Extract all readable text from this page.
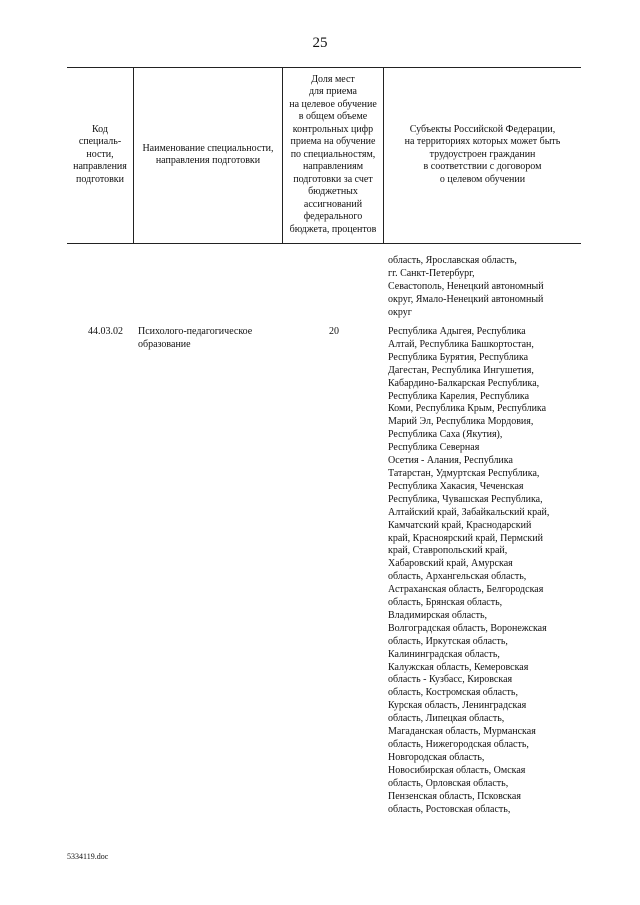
25
Код
специаль-
ности,
направления
подготовки
Наименование специальности,
направления подготовки
Доля мест
для приема
на целевое обучение
в общем объеме
контрольных цифр
приема на обучение
по специальностям,
направлениям
подготовки за счет
бюджетных
ассигнований
федерального
бюджета, процентов
Субъекты Российской Федерации,
на территориях которых может быть
трудоустроен гражданин
в соответствии с договором
о целевом обучении
область, Ярославская область,
гг. Санкт-Петербург,
Севастополь, Ненецкий автономный
округ, Ямало-Ненецкий автономный
округ
44.03.02 Психолого-педагогическое
образование
20	Республика Адыгея, Республика
Алтай, Республика Башкортостан,
Республика Бурятия, Республика
Дагестан, Республика Ингушетия,
Кабардино-Балкарская Республика,
Республика Карелия, Республика
Коми, Республика Крым, Республика
Марий Эл, Республика Мордовия,
Республика Саха (Якутия),
Республика Северная
Осетия - Алания, Республика
Татарстан, Удмуртская Республика,
Республика Хакасия, Чеченская
Республика, Чувашская Республика,
Алтайский край, Забайкальский край,
Камчатский край, Краснодарский
край, Красноярский край, Пермский
край, Ставропольский край,
Хабаровский край, Амурская
область, Архангельская область,
Астраханская область, Белгородская
область, Брянская область,
Владимирская область,
Волгоградская область, Воронежская
область, Иркутская область,
Калининградская область,
Калужская область, Кемеровская
область - Кузбасс, Кировская
область, Костромская область,
Курская область, Ленинградская
область, Липецкая область,
Магаданская область, Мурманская
область, Нижегородская область,
Новгородская область,
Новосибирская область, Омская
область, Орловская область,
Пензенская область, Псковская
область, Ростовская область,
5334119.doc
